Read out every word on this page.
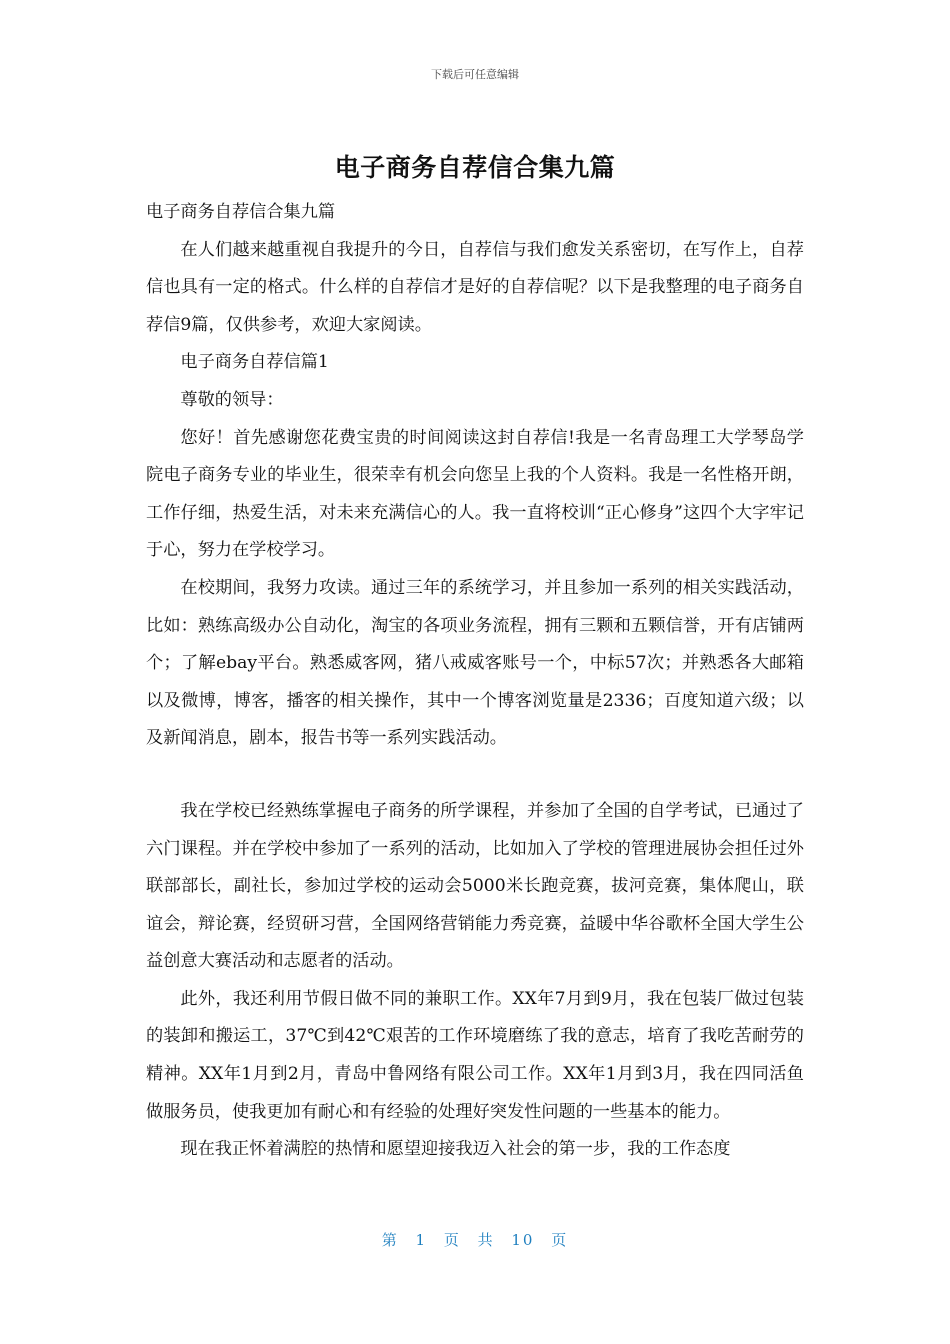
下载后可任意编辑
电子商务自荐信合集九篇

电子商务自荐信合集九篇

在人们越来越重视自我提升的今日，自荐信与我们愈发关系密切，在写作上，自荐信也具有一定的格式。什么样的自荐信才是好的自荐信呢？以下是我整理的电子商务自荐信9篇，仅供参考，欢迎大家阅读。

电子商务自荐信篇1

尊敬的领导：

您好！首先感谢您花费宝贵的时间阅读这封自荐信!我是一名青岛理工大学琴岛学院电子商务专业的毕业生，很荣幸有机会向您呈上我的个人资料。我是一名性格开朗，工作仔细，热爱生活，对未来充满信心的人。我一直将校训“正心修身”这四个大字牢记于心，努力在学校学习。

在校期间，我努力攻读。通过三年的系统学习，并且参加一系列的相关实践活动，比如：熟练高级办公自动化，淘宝的各项业务流程，拥有三颗和五颗信誉，开有店铺两个；了解ebay平台。熟悉威客网，猪八戒威客账号一个，中标57次；并熟悉各大邮箱以及微博，博客，播客的相关操作，其中一个博客浏览量是2336；百度知道六级；以及新闻消息，剧本，报告书等一系列实践活动。

我在学校已经熟练掌握电子商务的所学课程，并参加了全国的自学考试，已通过了六门课程。并在学校中参加了一系列的活动，比如加入了学校的管理进展协会担任过外联部部长，副社长，参加过学校的运动会5000米长跑竞赛，拔河竞赛，集体爬山，联谊会，辩论赛，经贸研习营，全国网络营销能力秀竞赛，益暖中华谷歌杯全国大学生公益创意大赛活动和志愿者的活动。

此外，我还利用节假日做不同的兼职工作。XX年7月到9月，我在包装厂做过包装的装卸和搬运工，37℃到42℃艰苦的工作环境磨练了我的意志，培育了我吃苦耐劳的精神。XX年1月到2月，青岛中鲁网络有限公司工作。XX年1月到3月，我在四同活鱼做服务员，使我更加有耐心和有经验的处理好突发性问题的一些基本的能力。

现在我正怀着满腔的热情和愿望迎接我迈入社会的第一步，我的工作态度

第 1 页 共 10 页
